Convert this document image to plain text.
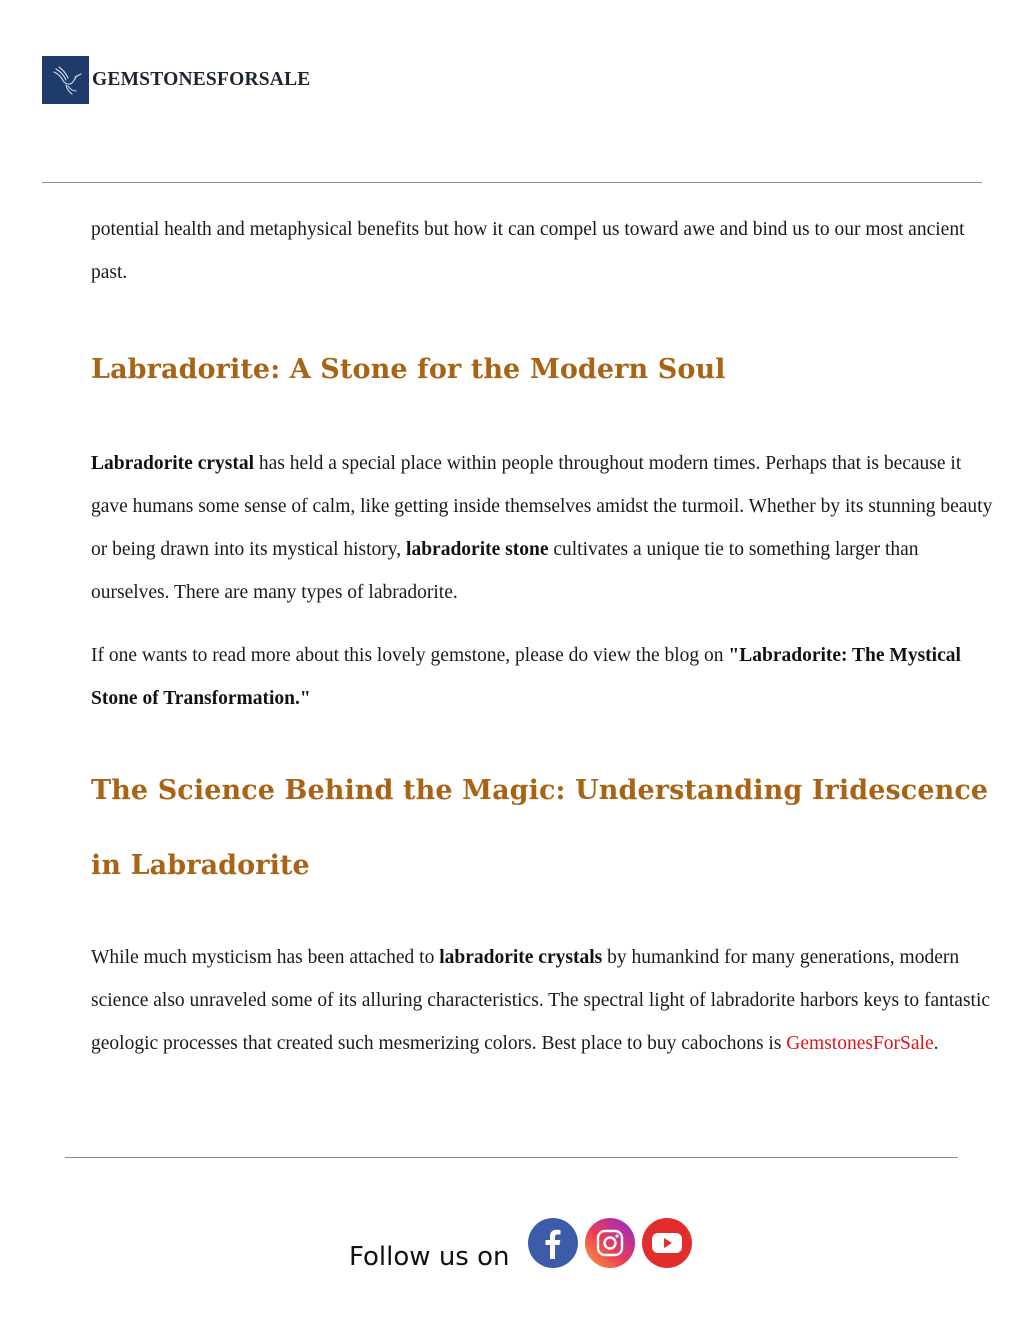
GEMSTONESFORSALE

potential health and metaphysical benefits but how it can compel us toward awe and bind us to our most ancient past.

Labradorite: A Stone for the Modern Soul

Labradorite crystal has held a special place within people throughout modern times. Perhaps that is because it gave humans some sense of calm, like getting inside themselves amidst the turmoil. Whether by its stunning beauty or being drawn into its mystical history, labradorite stone cultivates a unique tie to something larger than ourselves. There are many types of labradorite.

If one wants to read more about this lovely gemstone, please do view the blog on "Labradorite: The Mystical Stone of Transformation."

The Science Behind the Magic: Understanding Iridescence in Labradorite

While much mysticism has been attached to labradorite crystals by humankind for many generations, modern science also unraveled some of its alluring characteristics. The spectral light of labradorite harbors keys to fantastic geologic processes that created such mesmerizing colors. Best place to buy cabochons is GemstonesForSale.

Follow us on
